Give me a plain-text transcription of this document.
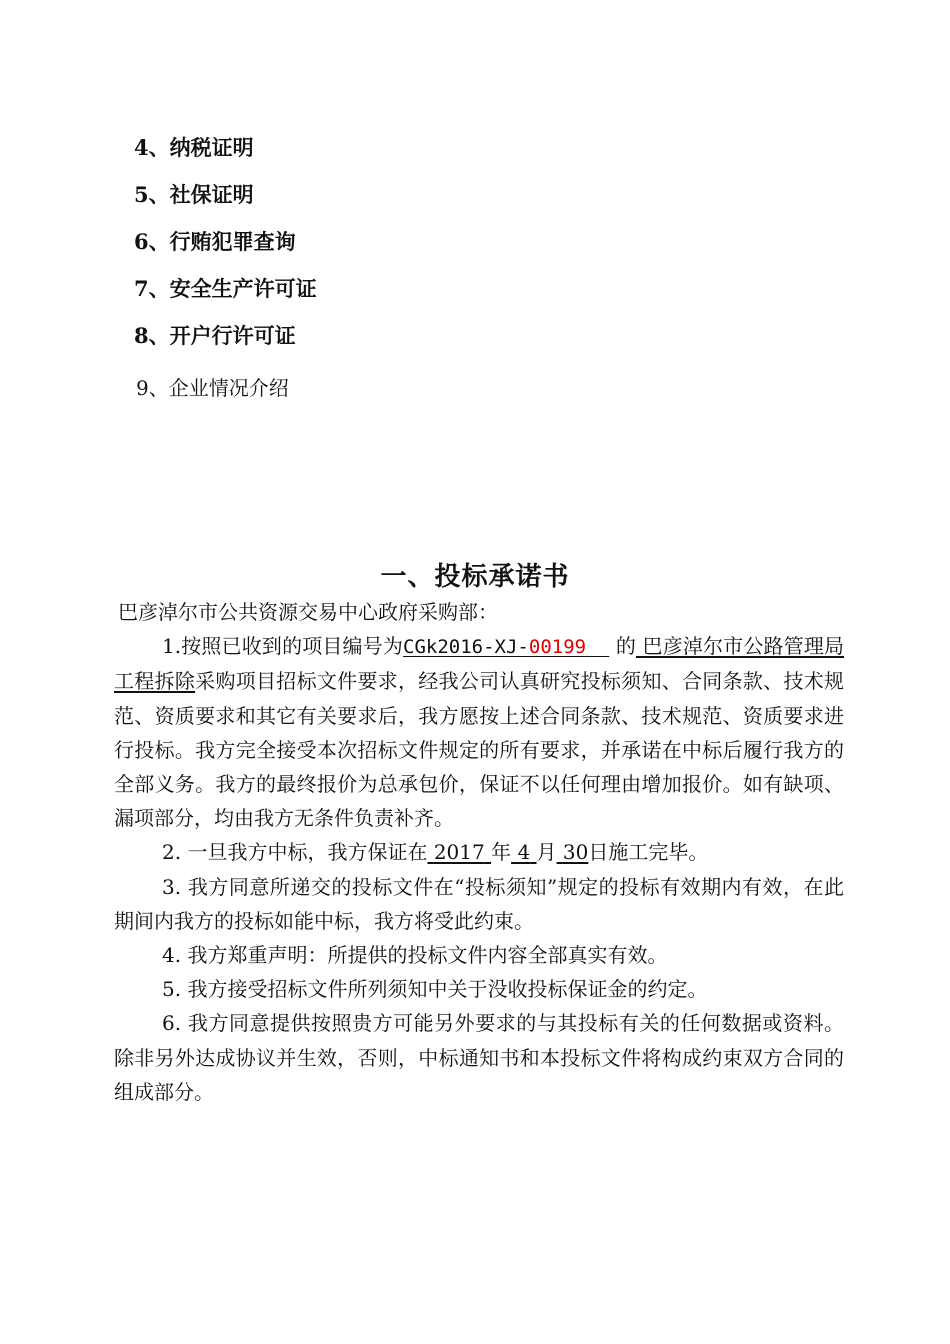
4、纳税证明
5、社保证明
6、行贿犯罪查询
7、安全生产许可证
8、开户行许可证
9、企业情况介绍
一、投标承诺书

巴彦淖尔市公共资源交易中心政府采购部：

1.按照已收到的项目编号为CGk2016-XJ-00199 的 巴彦淖尔市公路管理局工程拆除采购项目招标文件要求，经我公司认真研究投标须知、合同条款、技术规范、资质要求和其它有关要求后，我方愿按上述合同条款、技术规范、资质要求进行投标。我方完全接受本次招标文件规定的所有要求，并承诺在中标后履行我方的全部义务。我方的最终报价为总承包价，保证不以任何理由增加报价。如有缺项、漏项部分，均由我方无条件负责补齐。

2. 一旦我方中标，我方保证在 2017 年 4 月 30日施工完毕。

3. 我方同意所递交的投标文件在“投标须知”规定的投标有效期内有效，在此期间内我方的投标如能中标，我方将受此约束。

4. 我方郑重声明：所提供的投标文件内容全部真实有效。

5. 我方接受招标文件所列须知中关于没收投标保证金的约定。

6. 我方同意提供按照贵方可能另外要求的与其投标有关的任何数据或资料。除非另外达成协议并生效，否则，中标通知书和本投标文件将构成约束双方合同的组成部分。
